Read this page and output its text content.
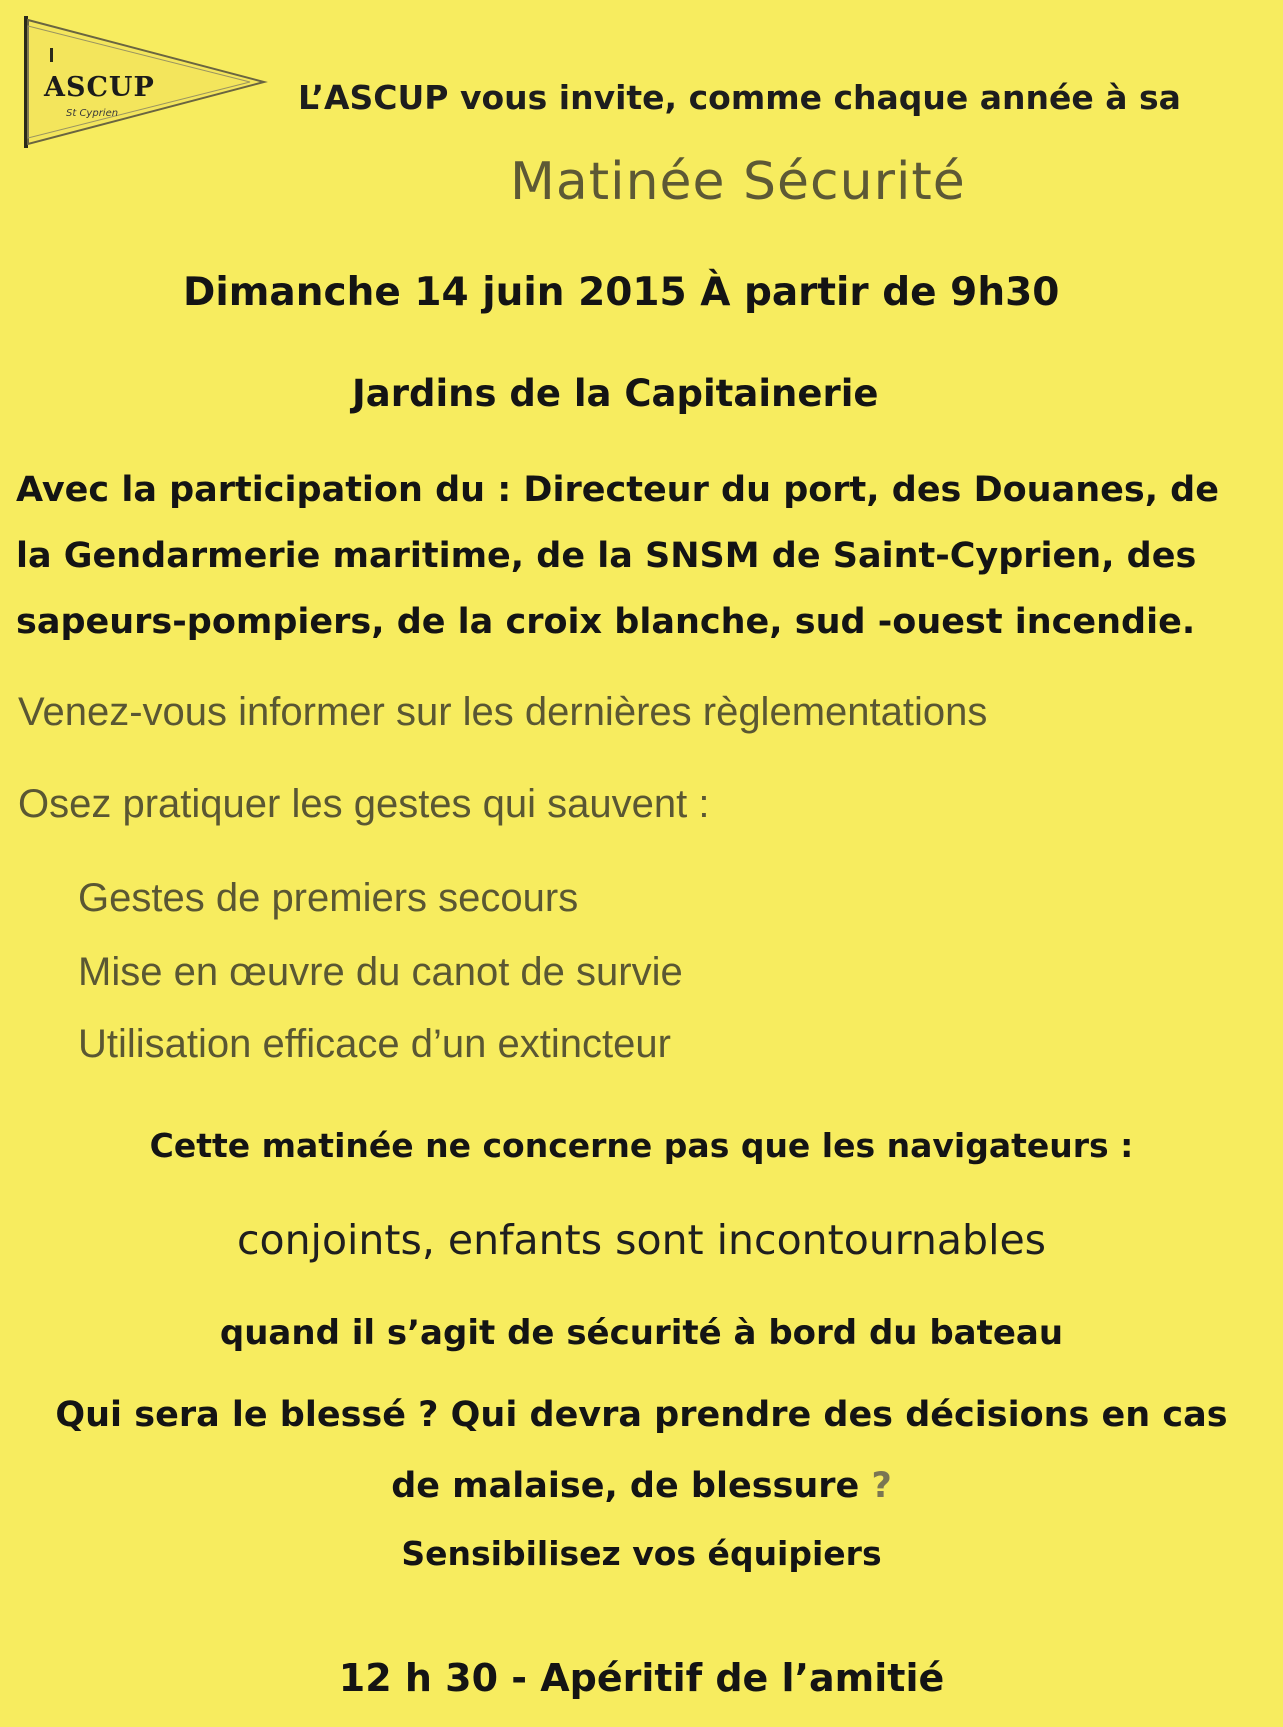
ASCUP
St Cyprien	L’ASCUP vous invite, comme chaque année à sa
Matinée Sécurité
Dimanche 14 juin 2015 À partir de 9h30
Jardins de la Capitainerie
Avec la participation du : Directeur du port, des Douanes, de
la Gendarmerie maritime, de la SNSM de Saint-Cyprien, des
sapeurs-pompiers, de la croix blanche, sud -ouest incendie.
Venez-vous informer sur les dernières règlementations
Osez pratiquer les gestes qui sauvent :
Gestes de premiers secours
Mise en œuvre du canot de survie
Utilisation efficace d’un extincteur
Cette matinée ne concerne pas que les navigateurs :
conjoints, enfants sont incontournables
quand il s’agit de sécurité à bord du bateau
Qui sera le blessé ? Qui devra prendre des décisions en cas
de malaise, de blessure ?
Sensibilisez vos équipiers
12 h 30 - Apéritif de l’amitié
